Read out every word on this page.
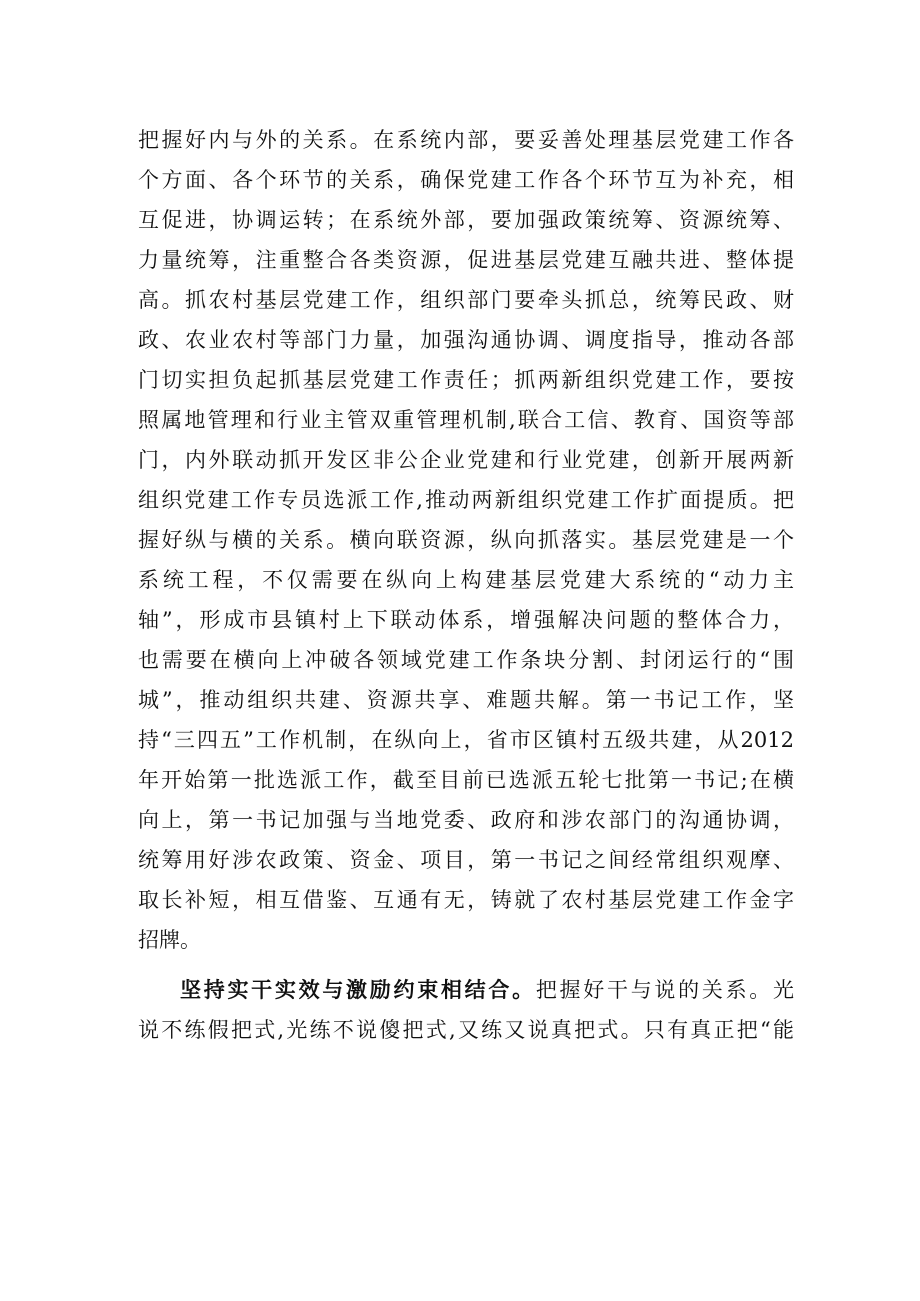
把握好内与外的关系。在系统内部，要妥善处理基层党建工作各
个方面、各个环节的关系，确保党建工作各个环节互为补充，相
互促进，协调运转；在系统外部，要加强政策统筹、资源统筹、
力量统筹，注重整合各类资源，促进基层党建互融共进、整体提
高。抓农村基层党建工作，组织部门要牵头抓总，统筹民政、财
政、农业农村等部门力量，加强沟通协调、调度指导，推动各部
门切实担负起抓基层党建工作责任；抓两新组织党建工作，要按
照属地管理和行业主管双重管理机制,联合工信、教育、国资等部
门，内外联动抓开发区非公企业党建和行业党建，创新开展两新
组织党建工作专员选派工作,推动两新组织党建工作扩面提质。把
握好纵与横的关系。横向联资源，纵向抓落实。基层党建是一个
系统工程，不仅需要在纵向上构建基层党建大系统的“动力主
轴”，形成市县镇村上下联动体系，增强解决问题的整体合力，
也需要在横向上冲破各领域党建工作条块分割、封闭运行的“围
城”，推动组织共建、资源共享、难题共解。第一书记工作，坚
持“三四五”工作机制，在纵向上，省市区镇村五级共建，从2012
年开始第一批选派工作，截至目前已选派五轮七批第一书记;在横
向上，第一书记加强与当地党委、政府和涉农部门的沟通协调，
统筹用好涉农政策、资金、项目，第一书记之间经常组织观摩、
取长补短，相互借鉴、互通有无，铸就了农村基层党建工作金字
招牌。
坚持实干实效与激励约束相结合。把握好干与说的关系。光
说不练假把式,光练不说傻把式,又练又说真把式。只有真正把“能
